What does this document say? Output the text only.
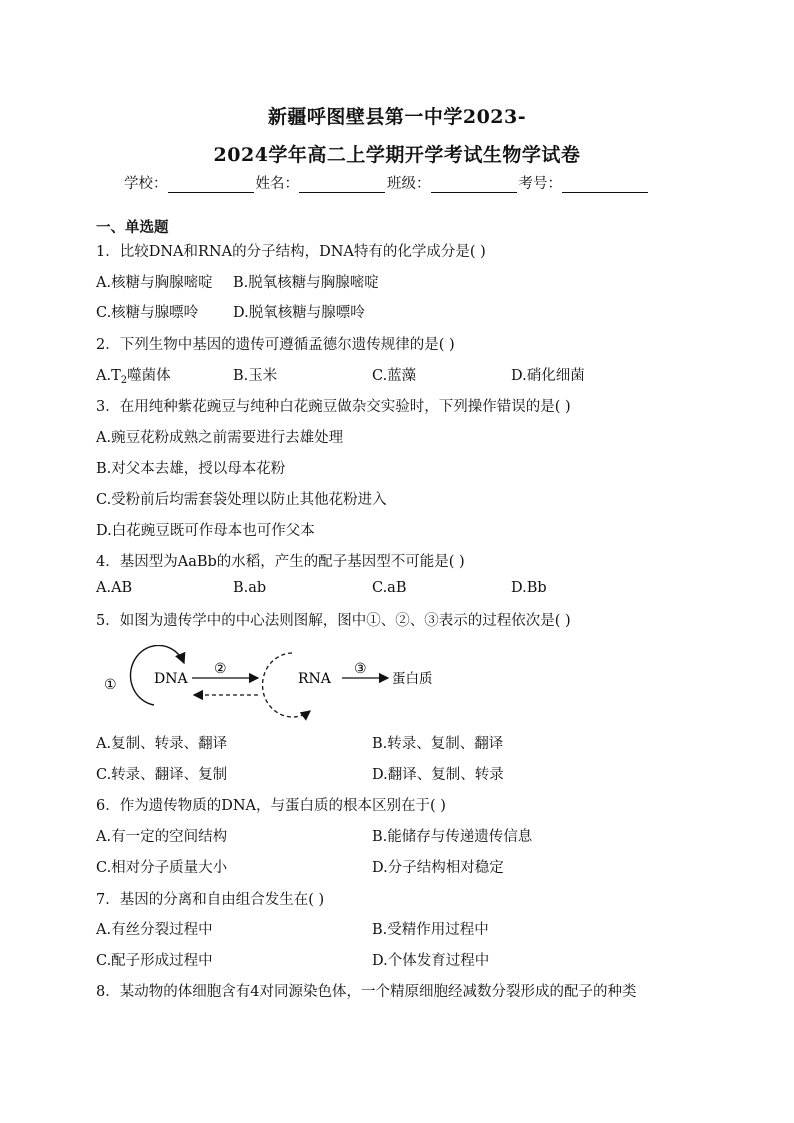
新疆呼图壁县第一中学2023-
2024学年高二上学期开学考试生物学试卷
学校：	姓名：	班级：	考号：
一、单选题
1．比较DNA和RNA的分子结构，DNA特有的化学成分是( )
A.核糖与胸腺嘧啶 B.脱氧核糖与胸腺嘧啶
C.核糖与腺嘌呤 D.脱氧核糖与腺嘌呤
2．下列生物中基因的遗传可遵循孟德尔遗传规律的是( )
$A.T_2$噬菌体	B.玉米	C.蓝藻	D.硝化细菌
3．在用纯种紫花豌豆与纯种白花豌豆做杂交实验时，下列操作错误的是( )
A.豌豆花粉成熟之前需要进行去雄处理
B.对父本去雄，授以母本花粉
C.受粉前后均需套袋处理以防止其他花粉进入
D.白花豌豆既可作母本也可作父本
4．基因型为AaBb的水稻，产生的配子基因型不可能是( )
A.AB	B.ab	C.aB	D.Bb
5．如图为遗传学中的中心法则图解，图中①、②、③表示的过程依次是( )
①	DNA
②
RNA
③
蛋白质
A.复制、转录、翻译	B.转录、复制、翻译
C.转录、翻译、复制	D.翻译、复制、转录
6．作为遗传物质的DNA，与蛋白质的根本区别在于( )
A.有一定的空间结构	B.能储存与传递遗传信息
C.相对分子质量大小	D.分子结构相对稳定
7．基因的分离和自由组合发生在( )
A.有丝分裂过程中	B.受精作用过程中
C.配子形成过程中	D.个体发育过程中
8．某动物的体细胞含有4对同源染色体，一个精原细胞经减数分裂形成的配子的种类
